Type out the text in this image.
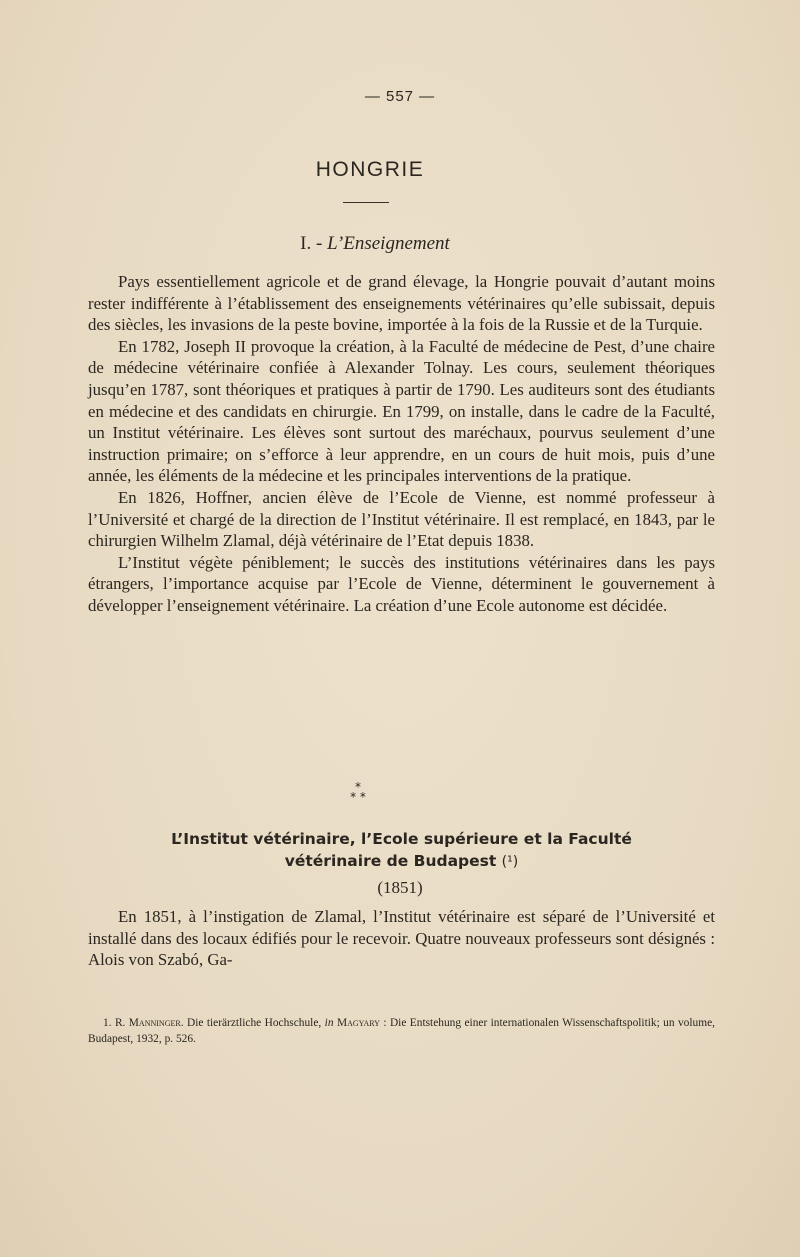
— 557 —
HONGRIE
I. - L’Enseignement

Pays essentiellement agricole et de grand élevage, la Hongrie pouvait d’autant moins rester indifférente à l’établissement des enseignements vétérinaires qu’elle subissait, depuis des siècles, les invasions de la peste bovine, importée à la fois de la Russie et de la Turquie.

En 1782, Joseph II provoque la création, à la Faculté de médecine de Pest, d’une chaire de médecine vétérinaire confiée à Alexander Tolnay. Les cours, seulement théoriques jusqu’en 1787, sont théoriques et pratiques à partir de 1790. Les auditeurs sont des étudiants en médecine et des candidats en chirurgie. En 1799, on installe, dans le cadre de la Faculté, un Institut vétérinaire. Les élèves sont surtout des maréchaux, pourvus seulement d’une instruction primaire; on s’efforce à leur apprendre, en un cours de huit mois, puis d’une année, les éléments de la médecine et les principales interventions de la pratique.

En 1826, Hoffner, ancien élève de l’Ecole de Vienne, est nommé professeur à l’Université et chargé de la direction de l’Institut vétérinaire. Il est remplacé, en 1843, par le chirurgien Wilhelm Zlamal, déjà vétérinaire de l’Etat depuis 1838.

L’Institut végète péniblement; le succès des institutions vétérinaires dans les pays étrangers, l’importance acquise par l’Ecole de Vienne, déterminent le gouvernement à développer l’enseignement vétérinaire. La création d’une Ecole autonome est décidée.

*
* *
L’Institut vétérinaire, l’Ecole supérieure et la Faculté
vétérinaire de Budapest (¹)
(1851)

En 1851, à l’instigation de Zlamal, l’Institut vétérinaire est séparé de l’Université et installé dans des locaux édifiés pour le recevoir. Quatre nouveaux professeurs sont désignés : Alois von Szabó, Ga-

1. R. Manninger. Die tierärztliche Hochschule, in Magyary : Die Entstehung einer internationalen Wissenschaftspolitik; un volume, Budapest, 1932, p. 526.
